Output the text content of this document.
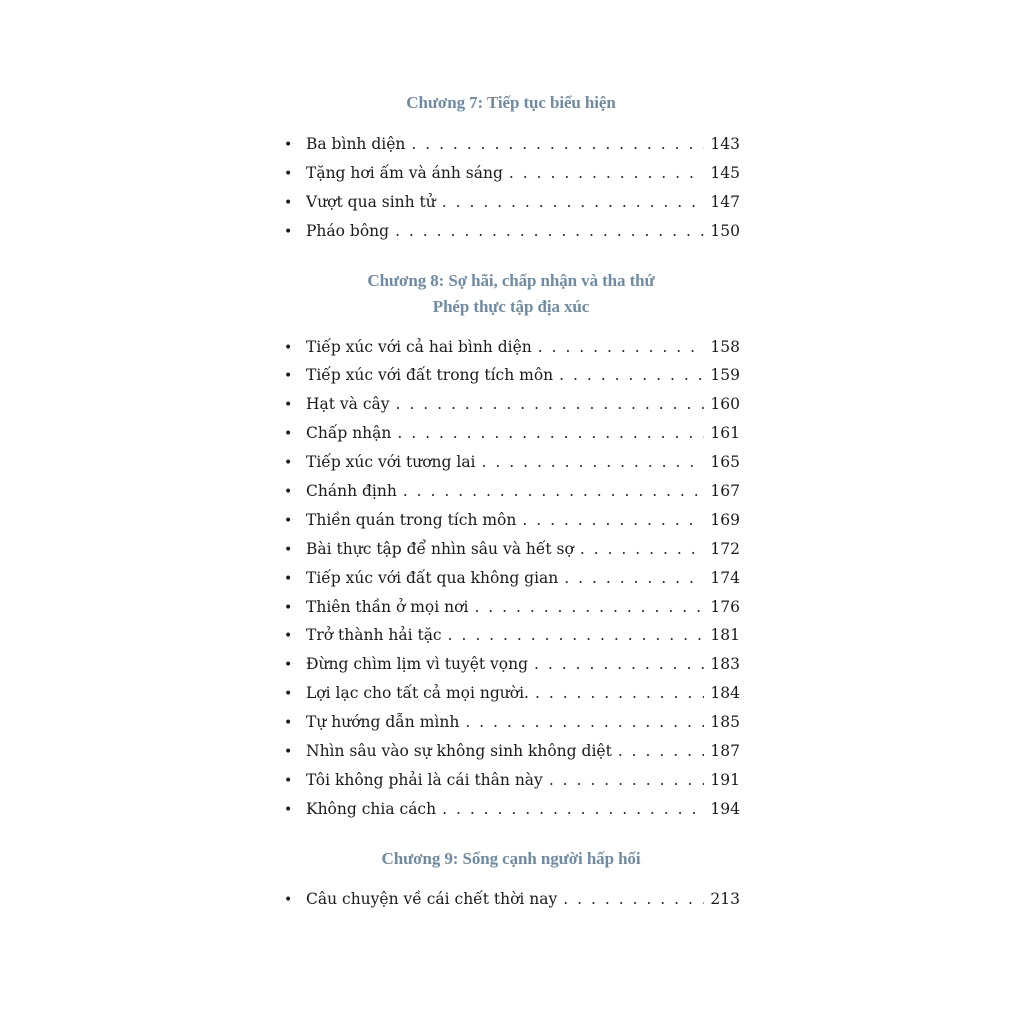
Chương 7: Tiếp tục biểu hiện
• Ba bình diện . . .	143
• Tặng hơi ấm và ánh sáng . . .	145
• Vượt qua sinh tử . . .	147
• Pháo bông . . .	150
Chương 8: Sợ hãi, chấp nhận và tha thứ
Phép thực tập địa xúc
• Tiếp xúc với cả hai bình diện . . .	158
• Tiếp xúc với đất trong tích môn . . .	159
• Hạt và cây . . .	160
• Chấp nhận . . .	161
• Tiếp xúc với tương lai . . .	165
• Chánh định . . .	167
• Thiền quán trong tích môn . . .	169
• Bài thực tập để nhìn sâu và hết sợ . . .	172
• Tiếp xúc với đất qua không gian . . .	174
• Thiên thần ở mọi nơi . . .	176
• Trở thành hải tặc . . .	181
• Đừng chìm lịm vì tuyệt vọng . . .	183
• Lợi lạc cho tất cả mọi người. . . .	184
• Tự hướng dẫn mình . . .	185
• Nhìn sâu vào sự không sinh không diệt . . .	187
• Tôi không phải là cái thân này . . .	191
• Không chia cách . . .	194
Chương 9: Sống cạnh người hấp hối
• Câu chuyện về cái chết thời nay . . .	213
